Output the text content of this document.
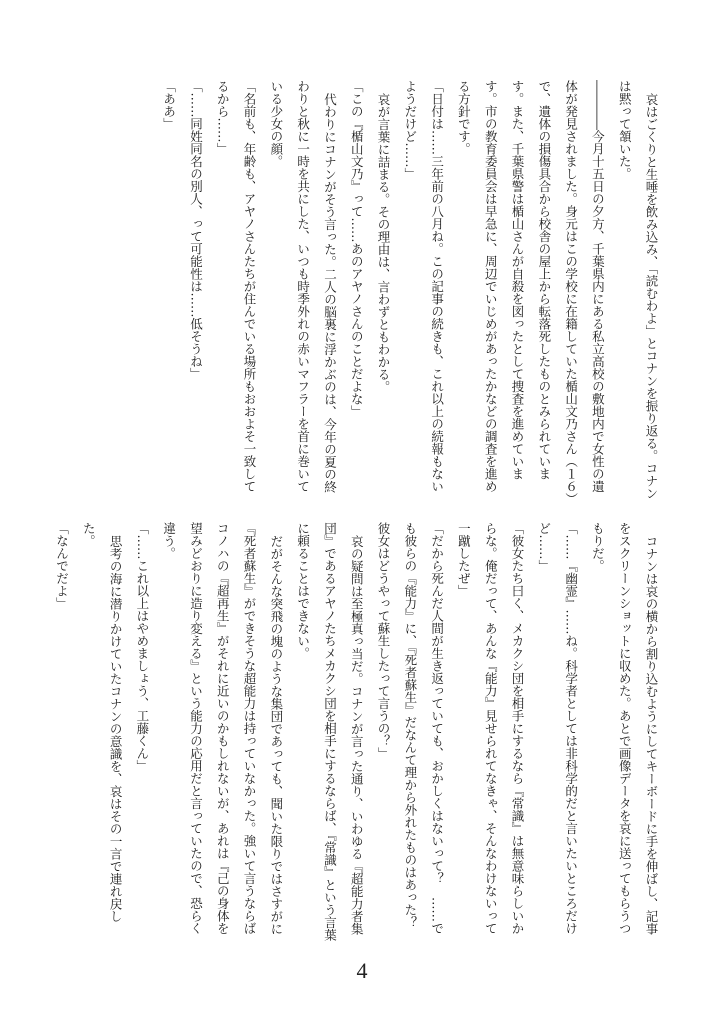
哀はごくりと生唾を飲み込み、「読むわよ」とコナンを振り返る。コナンは黙って頷いた。

――――今月十五日の夕方、千葉県内にある私立高校の敷地内で女性の遺体が発見されました。身元はこの学校に在籍していた楯山文乃さん（１６）で、遺体の損傷具合から校舎の屋上から転落死したものとみられています。また、千葉県警は楯山さんが自殺を図ったとして捜査を進めています。市の教育委員会は早急に、周辺でいじめがあったかなどの調査を進める方針です。

「日付は……三年前の八月ね。この記事の続きも、これ以上の続報もないようだけど……」

哀が言葉に詰まる。その理由は、言わずともわかる。

「この『楯山文乃』って……あのアヤノさんのことだよな」

代わりにコナンがそう言った。二人の脳裏に浮かぶのは、今年の夏の終わりと秋に一時を共にした、いつも時季外れの赤いマフラーを首に巻いている少女の顔。

「名前も、年齢も、アヤノさんたちが住んでいる場所もおおよそ一致してるから……」

「……同姓同名の別人、って可能性は……低そうね」

「ああ」

コナンは哀の横から割り込むようにしてキーボードに手を伸ばし、記事をスクリーンショットに収めた。あとで画像データを哀に送ってもらうつもりだ。

「……『幽霊』……ね。科学者としては非科学的だと言いたいところだけど……」

「彼女たち曰く、メカクシ団を相手にするなら『常識』は無意味らしいからな。俺だって、あんな『能力』見せられてなきゃ、そんなわけないって一蹴したぜ」

「だから死んだ人間が生き返っていても、おかしくはないって？　……でも彼らの『能力』に、『死者蘇生』だなんて理から外れたものはあった？　彼女はどうやって蘇生したって言うの？」

哀の疑問は至極真っ当だ。コナンが言った通り、いわゆる『超能力者集団』であるアヤノたちメカクシ団を相手にするならば、『常識』という言葉に頼ることはできない。

だがそんな突飛の塊のような集団であっても、聞いた限りではさすがに『死者蘇生』ができそうな超能力は持っていなかった。強いて言うならばコノハの『超再生』がそれに近いのかもしれないが、あれは『己の身体を望みどおりに造り変える』という能力の応用だと言っていたので、恐らく違う。

「……これ以上はやめましょう、工藤くん」

思考の海に潜りかけていたコナンの意識を、哀はその一言で連れ戻した。

「なんでだよ」

4
